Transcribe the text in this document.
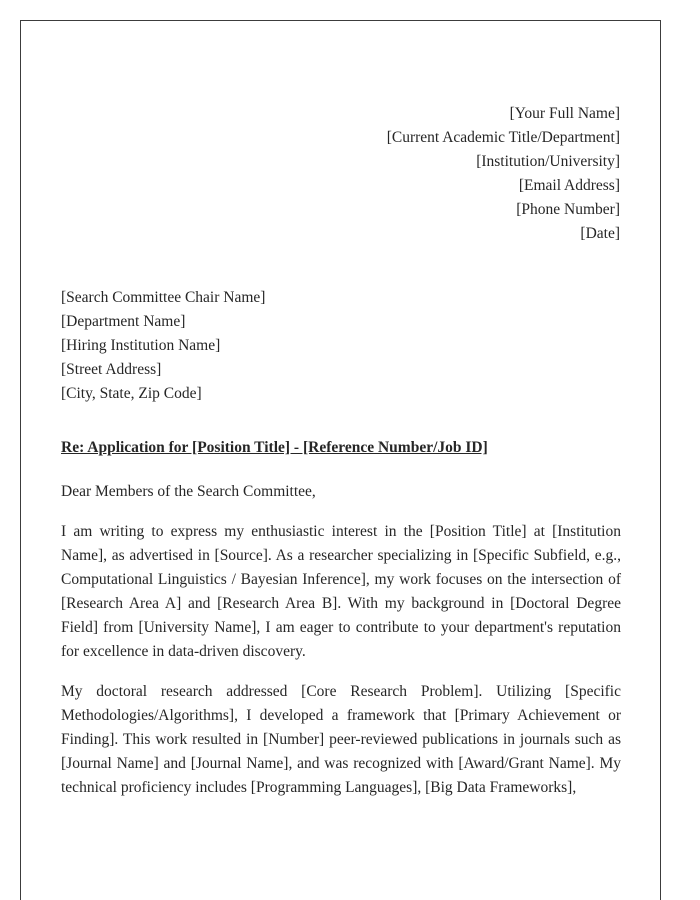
[Your Full Name]
[Current Academic Title/Department]
[Institution/University]
[Email Address]
[Phone Number]
[Date]
[Search Committee Chair Name]
[Department Name]
[Hiring Institution Name]
[Street Address]
[City, State, Zip Code]
Re: Application for [Position Title] - [Reference Number/Job ID]
Dear Members of the Search Committee,
I am writing to express my enthusiastic interest in the [Position Title] at [Institution Name], as advertised in [Source]. As a researcher specializing in [Specific Subfield, e.g., Computational Linguistics / Bayesian Inference], my work focuses on the intersection of [Research Area A] and [Research Area B]. With my background in [Doctoral Degree Field] from [University Name], I am eager to contribute to your department's reputation for excellence in data-driven discovery.
My doctoral research addressed [Core Research Problem]. Utilizing [Specific Methodologies/Algorithms], I developed a framework that [Primary Achievement or Finding]. This work resulted in [Number] peer-reviewed publications in journals such as [Journal Name] and [Journal Name], and was recognized with [Award/Grant Name]. My technical proficiency includes [Programming Languages], [Big Data Frameworks],
